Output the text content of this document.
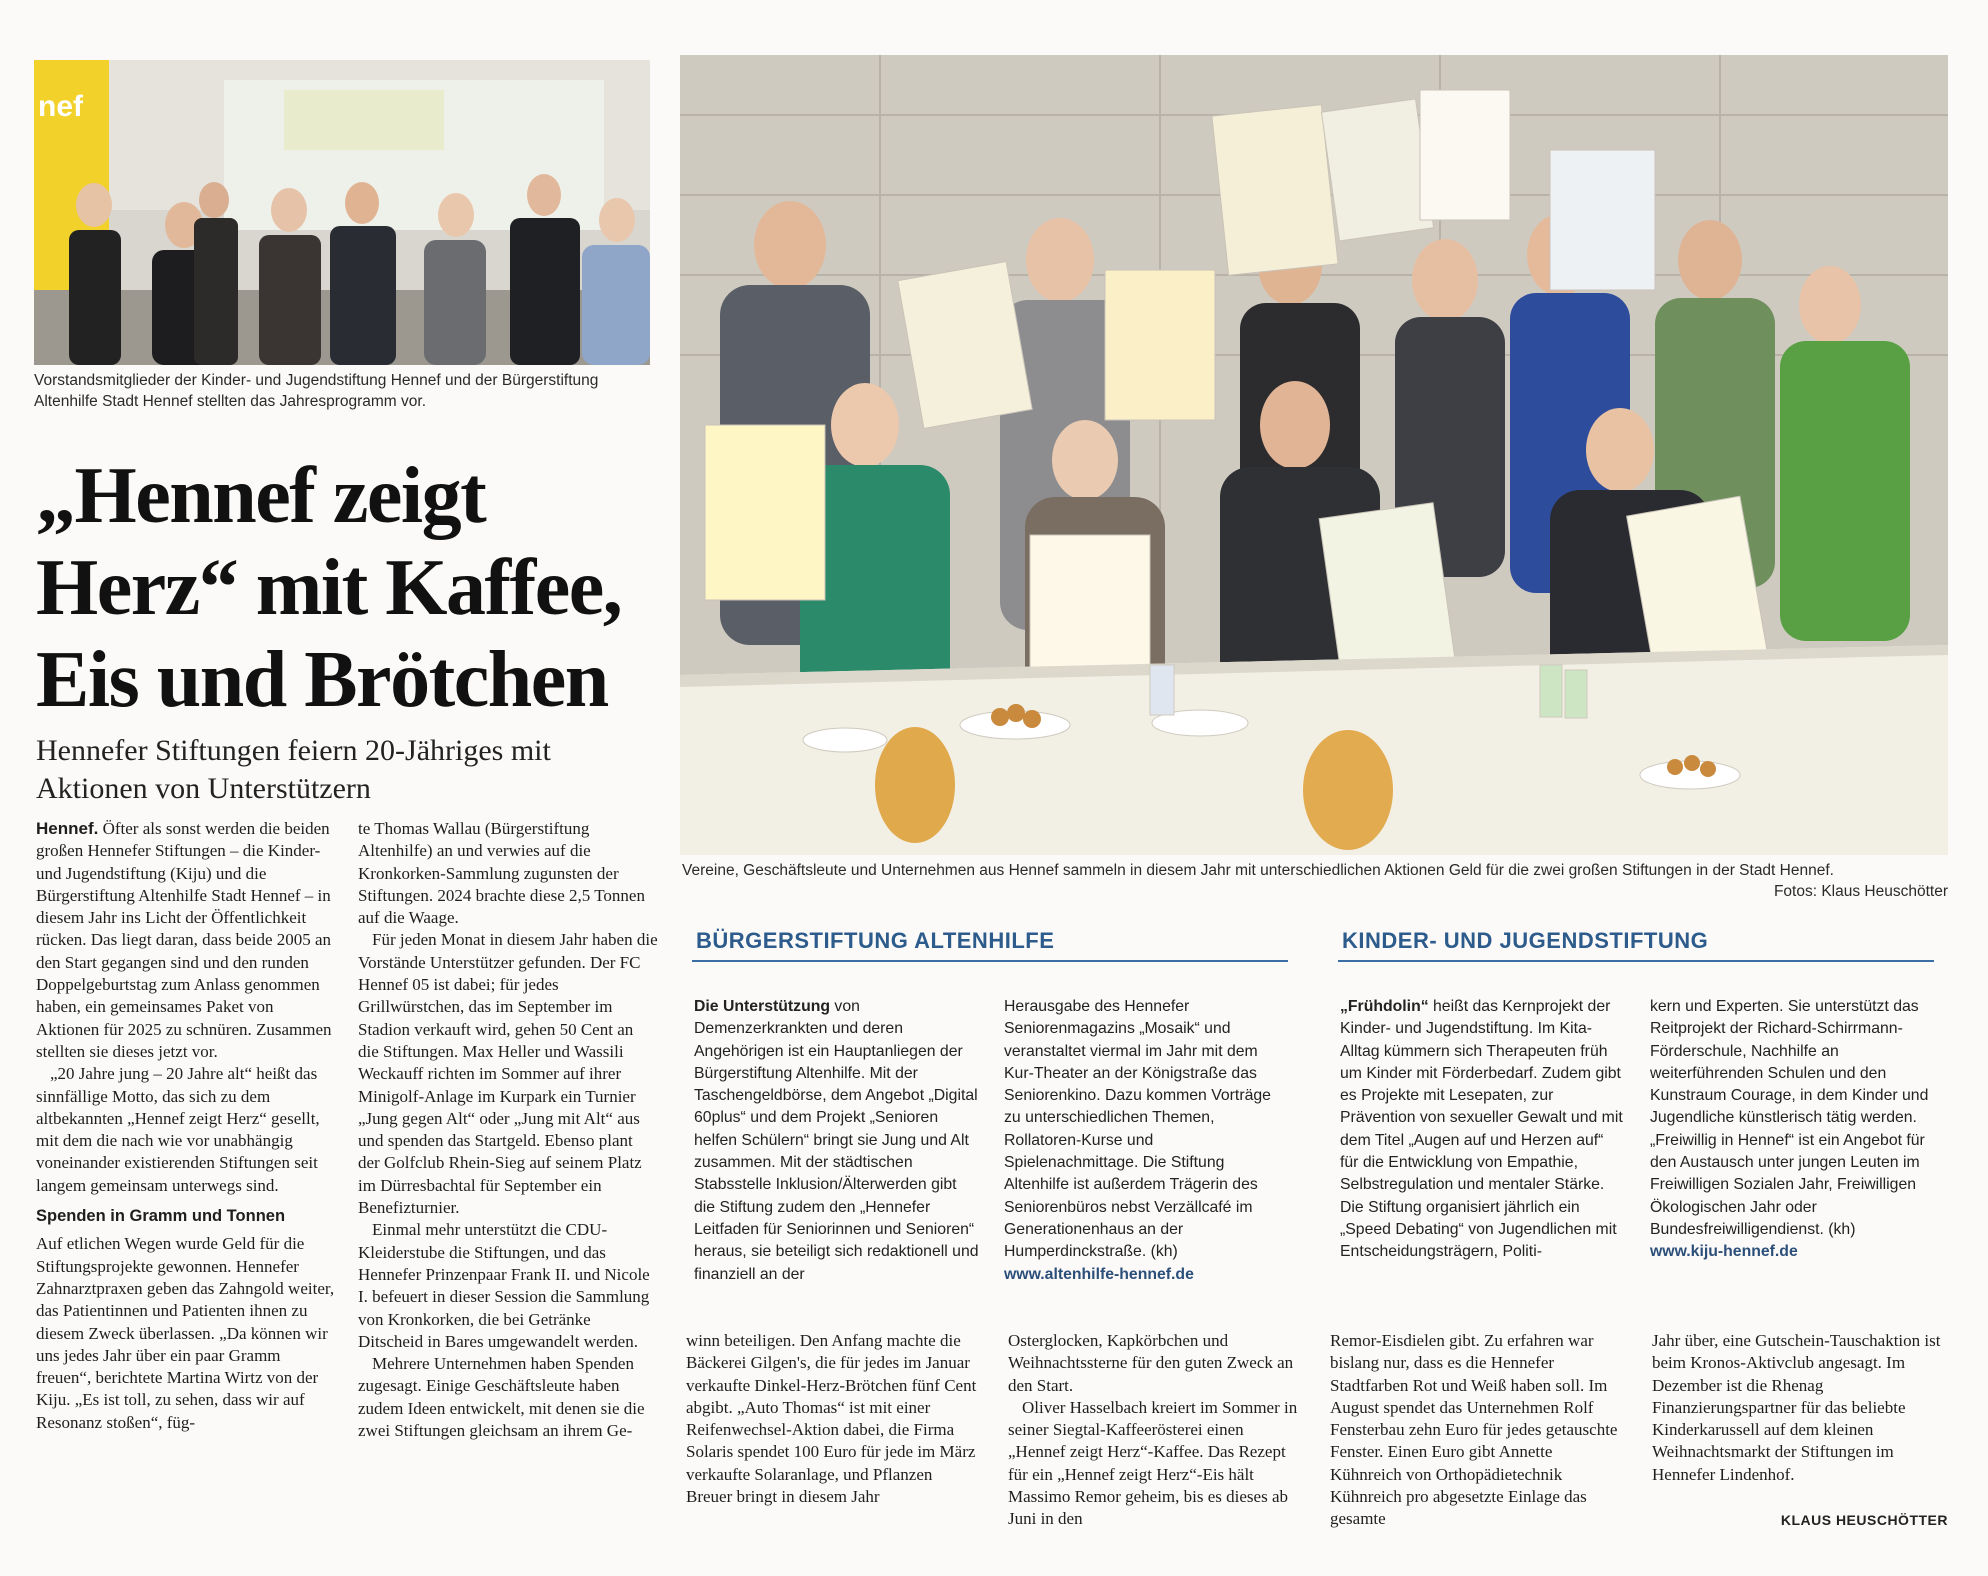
nef
Vorstandsmitglieder der Kinder- und Jugendstiftung Hennef und der Bürgerstiftung Altenhilfe Stadt Hennef stellten das Jahresprogramm vor.
„Hennef zeigt
Herz“ mit Kaffee,
Eis und Brötchen
Hennefer Stiftungen feiern 20-Jähriges mit Aktionen von Unterstützern

Hennef. Öfter als sonst werden die beiden großen Hennefer Stiftungen – die Kinder- und Jugendstiftung (Kiju) und die Bürgerstiftung Altenhilfe Stadt Hennef – in diesem Jahr ins Licht der Öffentlichkeit rücken. Das liegt daran, dass beide 2005 an den Start gegangen sind und den runden Doppelgeburtstag zum Anlass genommen haben, ein gemeinsames Paket von Aktionen für 2025 zu schnüren. Zusammen stellten sie dieses jetzt vor.

„20 Jahre jung – 20 Jahre alt“ heißt das sinnfällige Motto, das sich zu dem altbekannten „Hennef zeigt Herz“ gesellt, mit dem die nach wie vor unabhängig voneinander existierenden Stiftungen seit langem gemeinsam unterwegs sind.

Spenden in Gramm und Tonnen

Auf etlichen Wegen wurde Geld für die Stiftungsprojekte gewonnen. Hennefer Zahnarztpraxen geben das Zahngold weiter, das Patientinnen und Patienten ihnen zu diesem Zweck überlassen. „Da können wir uns jedes Jahr über ein paar Gramm freuen“, berichtete Martina Wirtz von der Kiju. „Es ist toll, zu sehen, dass wir auf Resonanz stoßen“, füg-

te Thomas Wallau (Bürgerstiftung Altenhilfe) an und verwies auf die Kronkorken-Sammlung zugunsten der Stiftungen. 2024 brachte diese 2,5 Tonnen auf die Waage.

Für jeden Monat in diesem Jahr haben die Vorstände Unterstützer gefunden. Der FC Hennef 05 ist dabei; für jedes Grillwürstchen, das im September im Stadion verkauft wird, gehen 50 Cent an die Stiftungen. Max Heller und Wassili Weckauff richten im Sommer auf ihrer Minigolf-Anlage im Kurpark ein Turnier „Jung gegen Alt“ oder „Jung mit Alt“ aus und spenden das Startgeld. Ebenso plant der Golfclub Rhein-Sieg auf seinem Platz im Dürresbachtal für September ein Benefizturnier.

Einmal mehr unterstützt die CDU-Kleiderstube die Stiftungen, und das Hennefer Prinzenpaar Frank II. und Nicole I. befeuert in dieser Session die Sammlung von Kronkorken, die bei Getränke Ditscheid in Bares umgewandelt werden.

Mehrere Unternehmen haben Spenden zugesagt. Einige Geschäftsleute haben zudem Ideen entwickelt, mit denen sie die zwei Stiftungen gleichsam an ihrem Ge-

Vereine, Geschäftsleute und Unternehmen aus Hennef sammeln in diesem Jahr mit unterschiedlichen Aktionen Geld für die zwei großen Stiftungen in der Stadt Hennef.
Fotos: Klaus Heuschötter
BÜRGERSTIFTUNG ALTENHILFE

Die Unterstützung von Demenzerkrankten und deren Angehörigen ist ein Hauptanliegen der Bürgerstiftung Altenhilfe. Mit der Taschengeldbörse, dem Angebot „Digital 60plus“ und dem Projekt „Senioren helfen Schülern“ bringt sie Jung und Alt zusammen. Mit der städtischen Stabsstelle Inklusion/Älterwerden gibt die Stiftung zudem den „Hennefer Leitfaden für Seniorinnen und Senioren“ heraus, sie beteiligt sich redaktionell und finanziell an der

Herausgabe des Hennefer Seniorenmagazins „Mosaik“ und veranstaltet viermal im Jahr mit dem Kur-Theater an der Königstraße das Seniorenkino. Dazu kommen Vorträge zu unterschiedlichen Themen, Rollatoren-Kurse und Spielenachmittage. Die Stiftung Altenhilfe ist außerdem Trägerin des Seniorenbüros nebst Verzällcafé im Generationenhaus an der Humperdinckstraße. (kh)

www.altenhilfe-hennef.de

KINDER- UND JUGENDSTIFTUNG

„Frühdolin“ heißt das Kernprojekt der Kinder- und Jugendstiftung. Im Kita-Alltag kümmern sich Therapeuten früh um Kinder mit Förderbedarf. Zudem gibt es Projekte mit Lesepaten, zur Prävention von sexueller Gewalt und mit dem Titel „Augen auf und Herzen auf“ für die Entwicklung von Empathie, Selbstregulation und mentaler Stärke. Die Stiftung organisiert jährlich ein „Speed Debating“ von Jugendlichen mit Entscheidungsträgern, Politi-

kern und Experten. Sie unterstützt das Reitprojekt der Richard-Schirrmann-Förderschule, Nachhilfe an weiterführenden Schulen und den Kunstraum Courage, in dem Kinder und Jugendliche künstlerisch tätig werden. „Freiwillig in Hennef“ ist ein Angebot für den Austausch unter jungen Leuten im Freiwilligen Sozialen Jahr, Freiwilligen Ökologischen Jahr oder Bundesfreiwilligendienst. (kh)

www.kiju-hennef.de

winn beteiligen. Den Anfang machte die Bäckerei Gilgen's, die für jedes im Januar verkaufte Dinkel-Herz-Brötchen fünf Cent abgibt. „Auto Thomas“ ist mit einer Reifenwechsel-Aktion dabei, die Firma Solaris spendet 100 Euro für jede im März verkaufte Solaranlage, und Pflanzen Breuer bringt in diesem Jahr

Osterglocken, Kapkörbchen und Weihnachtssterne für den guten Zweck an den Start.

Oliver Hasselbach kreiert im Sommer in seiner Siegtal-Kaffeerösterei einen „Hennef zeigt Herz“-Kaffee. Das Rezept für ein „Hennef zeigt Herz“-Eis hält Massimo Remor geheim, bis es dieses ab Juni in den

Remor-Eisdielen gibt. Zu erfahren war bislang nur, dass es die Hennefer Stadtfarben Rot und Weiß haben soll. Im August spendet das Unternehmen Rolf Fensterbau zehn Euro für jedes getauschte Fenster. Einen Euro gibt Annette Kühnreich von Orthopädietechnik Kühnreich pro abgesetzte Einlage das gesamte

Jahr über, eine Gutschein-Tauschaktion ist beim Kronos-Aktivclub angesagt. Im Dezember ist die Rhenag Finanzierungspartner für das beliebte Kinderkarussell auf dem kleinen Weihnachtsmarkt der Stiftungen im Hennefer Lindenhof.

KLAUS HEUSCHÖTTER
